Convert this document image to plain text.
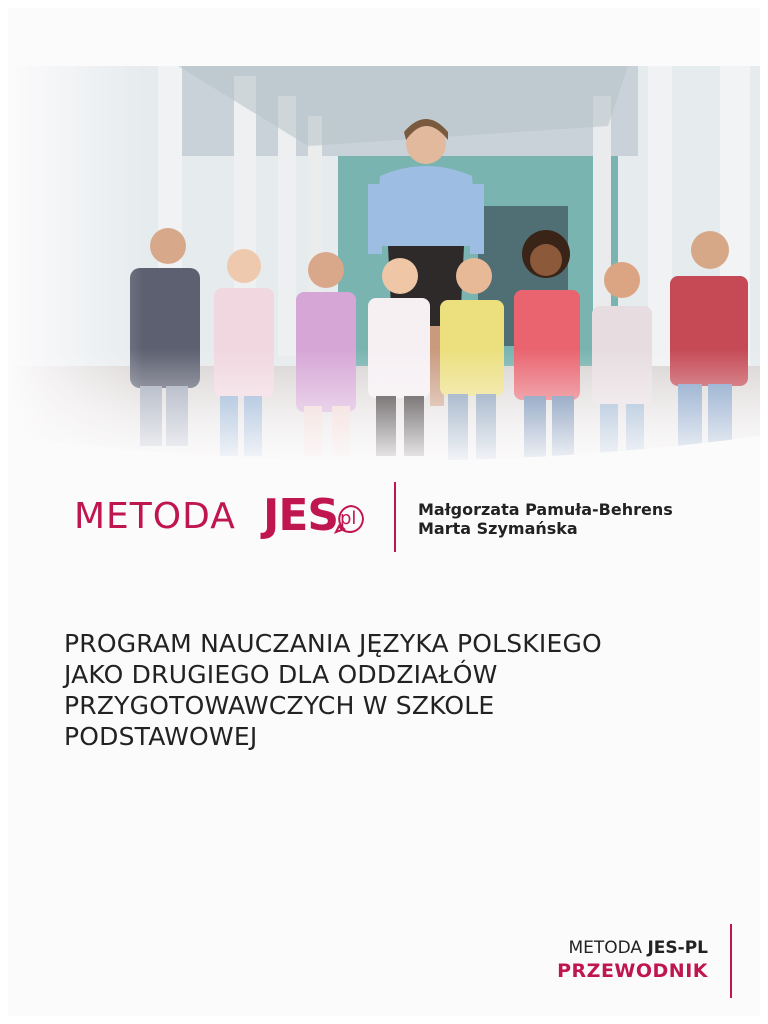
METODA JES pl	Małgorzata Pamuła-Behrens
Marta Szymańska
PROGRAM NAUCZANIA JĘZYKA POLSKIEGO
JAKO DRUGIEGO DLA ODDZIAŁÓW
PRZYGOTOWAWCZYCH W SZKOLE
PODSTAWOWEJ
METODA JES-PL
PRZEWODNIK
